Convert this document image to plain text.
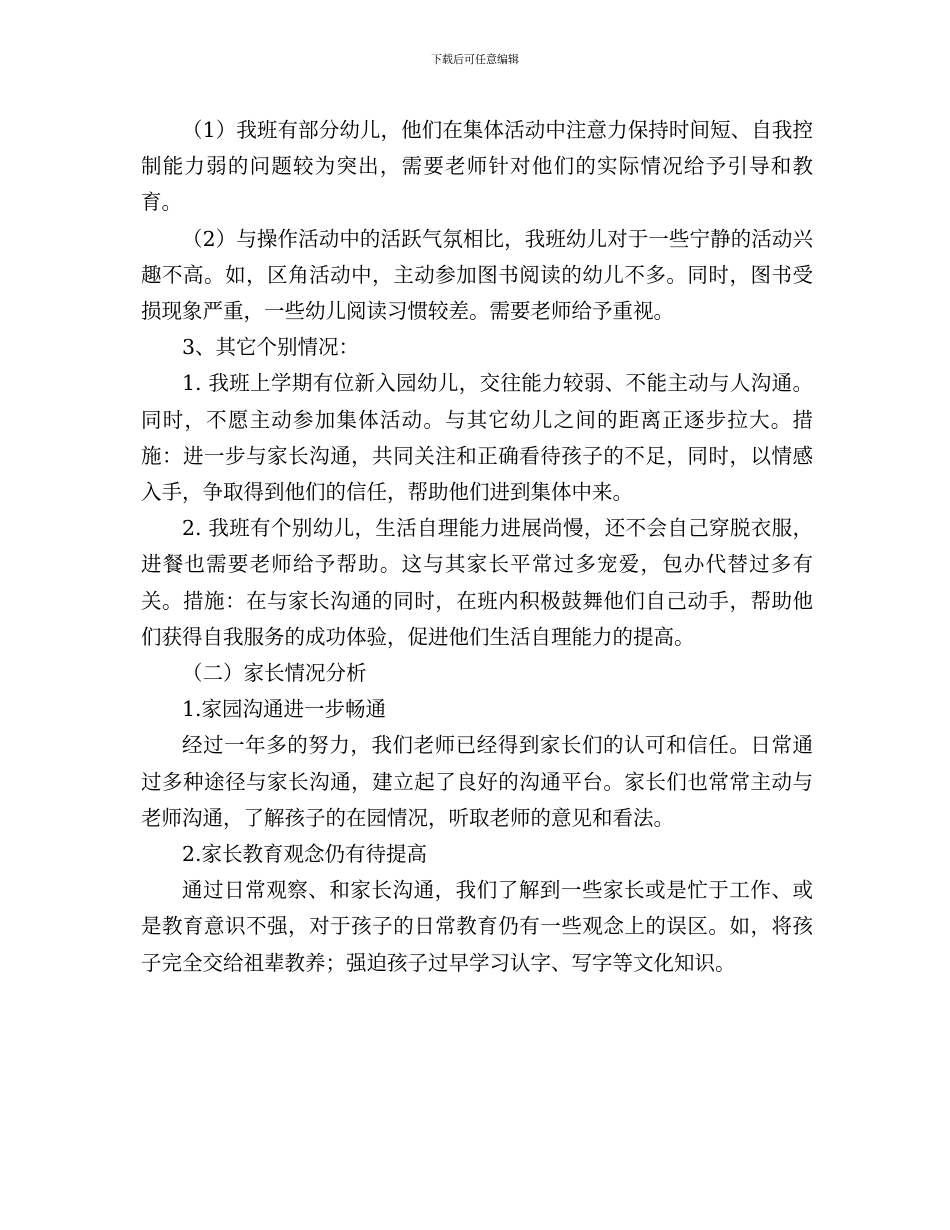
下载后可任意编辑

（1）我班有部分幼儿，他们在集体活动中注意力保持时间短、自我控制能力弱的问题较为突出，需要老师针对他们的实际情况给予引导和教育。

（2）与操作活动中的活跃气氛相比，我班幼儿对于一些宁静的活动兴趣不高。如，区角活动中，主动参加图书阅读的幼儿不多。同时，图书受损现象严重，一些幼儿阅读习惯较差。需要老师给予重视。

3、其它个别情况：

1. 我班上学期有位新入园幼儿，交往能力较弱、不能主动与人沟通。同时，不愿主动参加集体活动。与其它幼儿之间的距离正逐步拉大。措施：进一步与家长沟通，共同关注和正确看待孩子的不足，同时，以情感入手，争取得到他们的信任，帮助他们进到集体中来。

2. 我班有个别幼儿，生活自理能力进展尚慢，还不会自己穿脱衣服，进餐也需要老师给予帮助。这与其家长平常过多宠爱，包办代替过多有关。措施：在与家长沟通的同时，在班内积极鼓舞他们自己动手，帮助他们获得自我服务的成功体验，促进他们生活自理能力的提高。

（二）家长情况分析

1.家园沟通进一步畅通

经过一年多的努力，我们老师已经得到家长们的认可和信任。日常通过多种途径与家长沟通，建立起了良好的沟通平台。家长们也常常主动与老师沟通，了解孩子的在园情况，听取老师的意见和看法。

2.家长教育观念仍有待提高

通过日常观察、和家长沟通，我们了解到一些家长或是忙于工作、或是教育意识不强，对于孩子的日常教育仍有一些观念上的误区。如，将孩子完全交给祖辈教养；强迫孩子过早学习认字、写字等文化知识。
